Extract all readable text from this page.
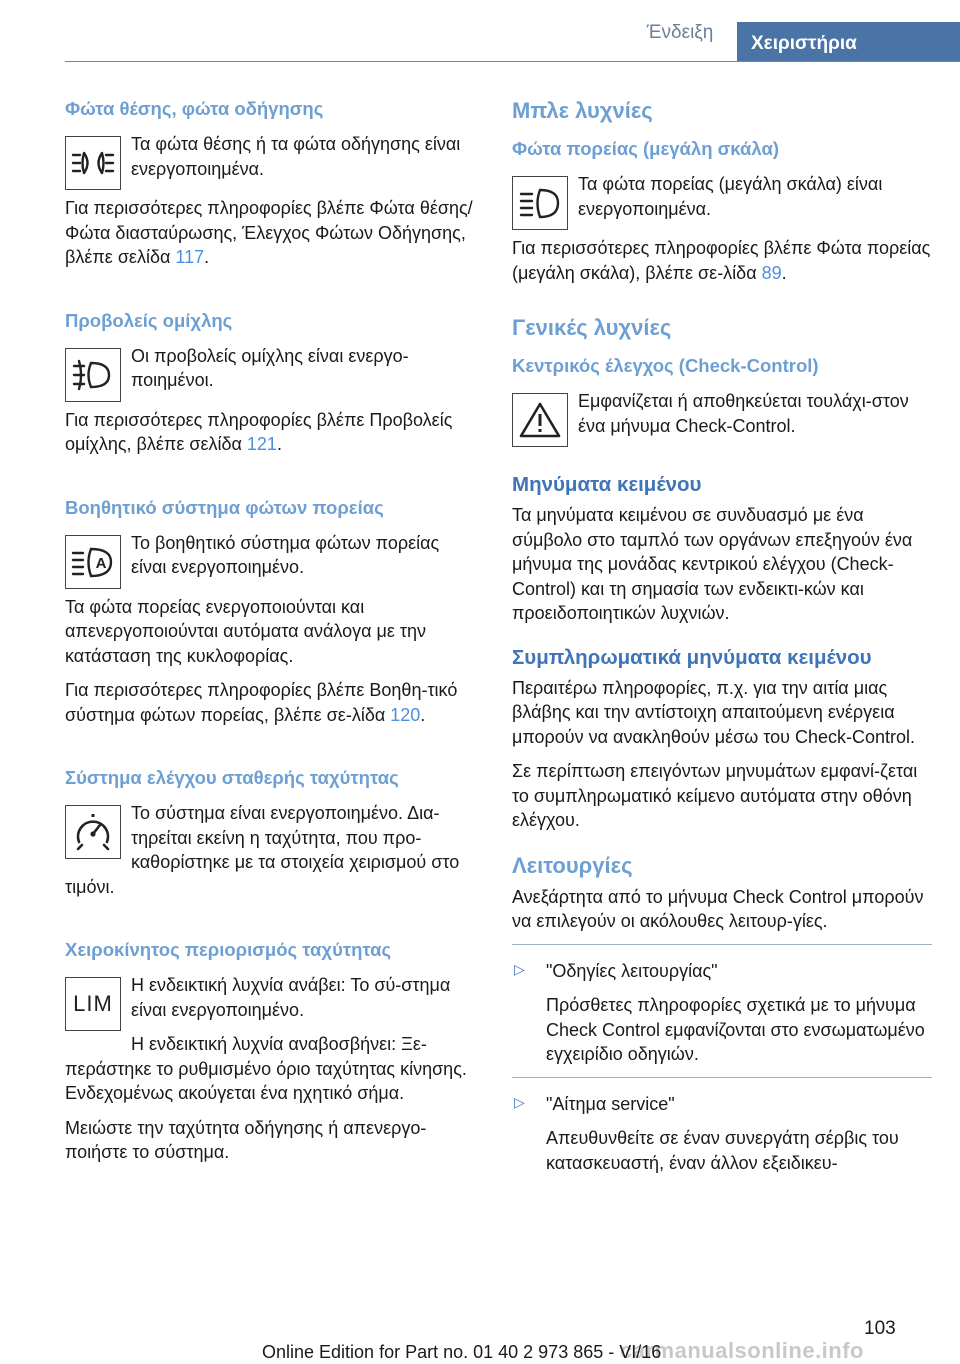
Ένδειξη
Χειριστήρια
Φώτα θέσης, φώτα οδήγησης

Τα φώτα θέσης ή τα φώτα οδήγησης είναι ενεργοποιημένα.

Για περισσότερες πληροφορίες βλέπε Φώτα θέσης/Φώτα διασταύρωσης, Έλεγχος Φώτων Οδήγησης, βλέπε σελίδα 117.

Προβολείς ομίχλης

Οι προβολείς ομίχλης είναι ενεργο‐ποιημένοι.

Για περισσότερες πληροφορίες βλέπε Προβολείς ομίχλης, βλέπε σελίδα 121.

Βοηθητικό σύστημα φώτων πορείας
A

Το βοηθητικό σύστημα φώτων πορείας είναι ενεργοποιημένο.

Τα φώτα πορείας ενεργοποιούνται και απενεργοποιούνται αυτόματα ανάλογα με την κατάσταση της κυκλοφορίας.

Για περισσότερες πληροφορίες βλέπε Βοηθη‐τικό σύστημα φώτων πορείας, βλέπε σε‐λίδα 120.

Σύστημα ελέγχου σταθερής ταχύτητας

Το σύστημα είναι ενεργοποιημένο. Δια‐τηρείται εκείνη η ταχύτητα, που προ‐καθορίστηκε με τα στοιχεία χειρισμού στο τιμόνι.

Χειροκίνητος περιορισμός ταχύτητας
LIM

Η ενδεικτική λυχνία ανάβει: Το σύ‐στημα είναι ενεργοποιημένο.

Η ενδεικτική λυχνία αναβοσβήνει: Ξε‐περάστηκε το ρυθμισμένο όριο ταχύτητας κίνησης. Ενδεχομένως ακούγεται ένα ηχητικό σήμα.

Μειώστε την ταχύτητα οδήγησης ή απενεργο‐ποιήστε το σύστημα.

Μπλε λυχνίες
Φώτα πορείας (μεγάλη σκάλα)

Τα φώτα πορείας (μεγάλη σκάλα) είναι ενεργοποιημένα.

Για περισσότερες πληροφορίες βλέπε Φώτα πορείας (μεγάλη σκάλα), βλέπε σε‐λίδα 89.

Γενικές λυχνίες
Κεντρικός έλεγχος (Check-Control)

Εμφανίζεται ή αποθηκεύεται τουλάχι‐στον ένα μήνυμα Check-Control.

Μηνύματα κειμένου

Τα μηνύματα κειμένου σε συνδυασμό με ένα σύμβολο στο ταμπλό των οργάνων επεξηγούν ένα μήνυμα της μονάδας κεντρικού ελέγχου (Check-Control) και τη σημασία των ενδεικτι‐κών και προειδοποιητικών λυχνιών.

Συμπληρωματικά μηνύματα κειμένου

Περαιτέρω πληροφορίες, π.χ. για την αιτία μιας βλάβης και την αντίστοιχη απαιτούμενη ενέργεια μπορούν να ανακληθούν μέσω του Check-Control.

Σε περίπτωση επειγόντων μηνυμάτων εμφανί‐ζεται το συμπληρωματικό κείμενο αυτόματα στην οθόνη ελέγχου.

Λειτουργίες

Ανεξάρτητα από το μήνυμα Check Control μπορούν να επιλεγούν οι ακόλουθες λειτουρ‐γίες.

▷ "Οδηγίες λειτουργίας"

Πρόσθετες πληροφορίες σχετικά με το μήνυμα Check Control εμφανίζονται στο ενσωματωμένο εγχειρίδιο οδηγιών.

▷ "Αίτημα service"

Απευθυνθείτε σε έναν συνεργάτη σέρβις του κατασκευαστή, έναν άλλον εξειδικευ‐

103
carmanualsonline.info
Online Edition for Part no. 01 40 2 973 865 - VI/16
